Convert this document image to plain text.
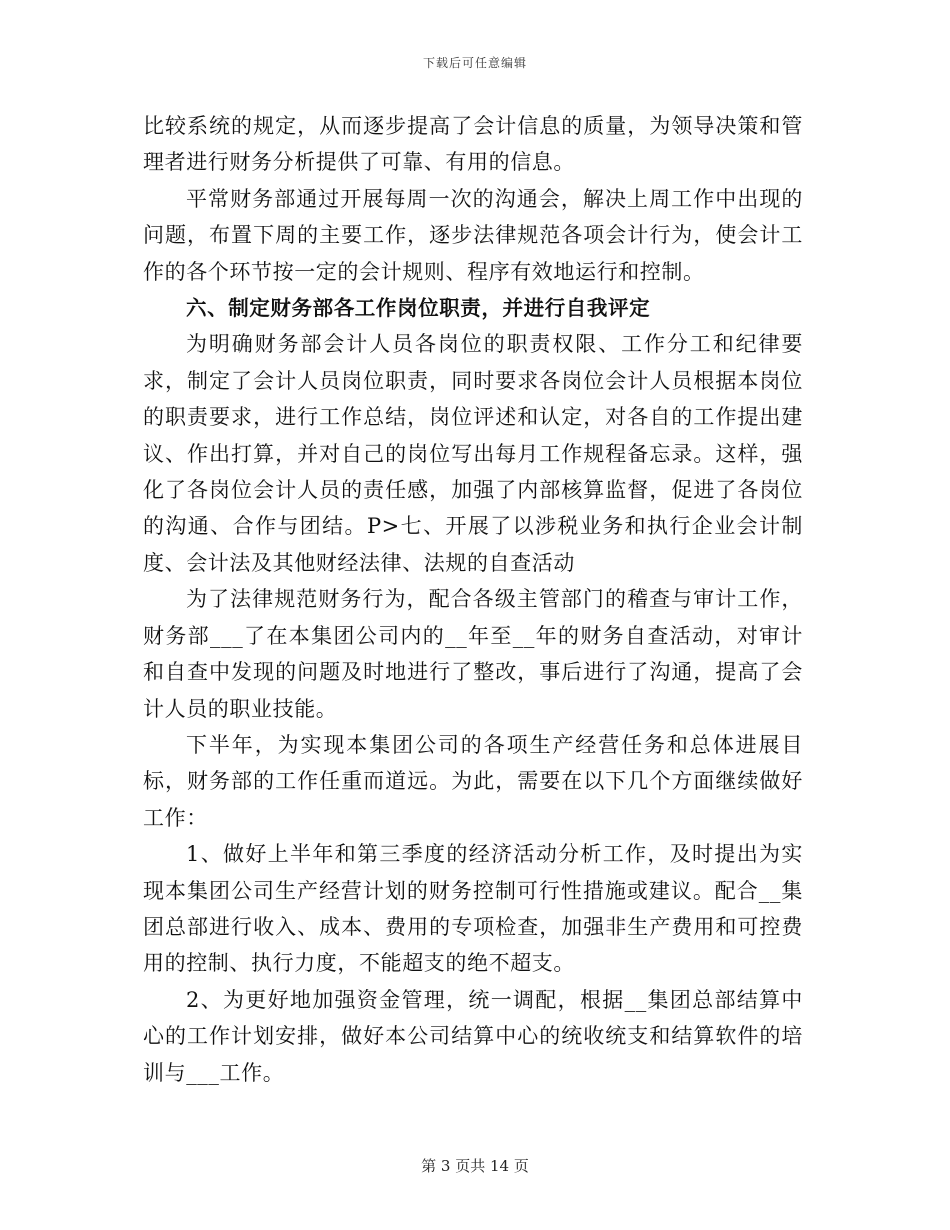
下载后可任意编辑

比较系统的规定，从而逐步提高了会计信息的质量，为领导决策和管理者进行财务分析提供了可靠、有用的信息。

平常财务部通过开展每周一次的沟通会，解决上周工作中出现的问题，布置下周的主要工作，逐步法律规范各项会计行为，使会计工作的各个环节按一定的会计规则、程序有效地运行和控制。

六、制定财务部各工作岗位职责，并进行自我评定

为明确财务部会计人员各岗位的职责权限、工作分工和纪律要求，制定了会计人员岗位职责，同时要求各岗位会计人员根据本岗位的职责要求，进行工作总结，岗位评述和认定，对各自的工作提出建议、作出打算，并对自己的岗位写出每月工作规程备忘录。这样，强化了各岗位会计人员的责任感，加强了内部核算监督，促进了各岗位的沟通、合作与团结。P>七、开展了以涉税业务和执行企业会计制度、会计法及其他财经法律、法规的自查活动

为了法律规范财务行为，配合各级主管部门的稽查与审计工作，财务部___了在本集团公司内的__年至__年的财务自查活动，对审计和自查中发现的问题及时地进行了整改，事后进行了沟通，提高了会计人员的职业技能。

下半年，为实现本集团公司的各项生产经营任务和总体进展目标，财务部的工作任重而道远。为此，需要在以下几个方面继续做好工作：

1、做好上半年和第三季度的经济活动分析工作，及时提出为实现本集团公司生产经营计划的财务控制可行性措施或建议。配合__集团总部进行收入、成本、费用的专项检查，加强非生产费用和可控费用的控制、执行力度，不能超支的绝不超支。

2、为更好地加强资金管理，统一调配，根据__集团总部结算中心的工作计划安排，做好本公司结算中心的统收统支和结算软件的培训与___工作。

第 3 页共 14 页
